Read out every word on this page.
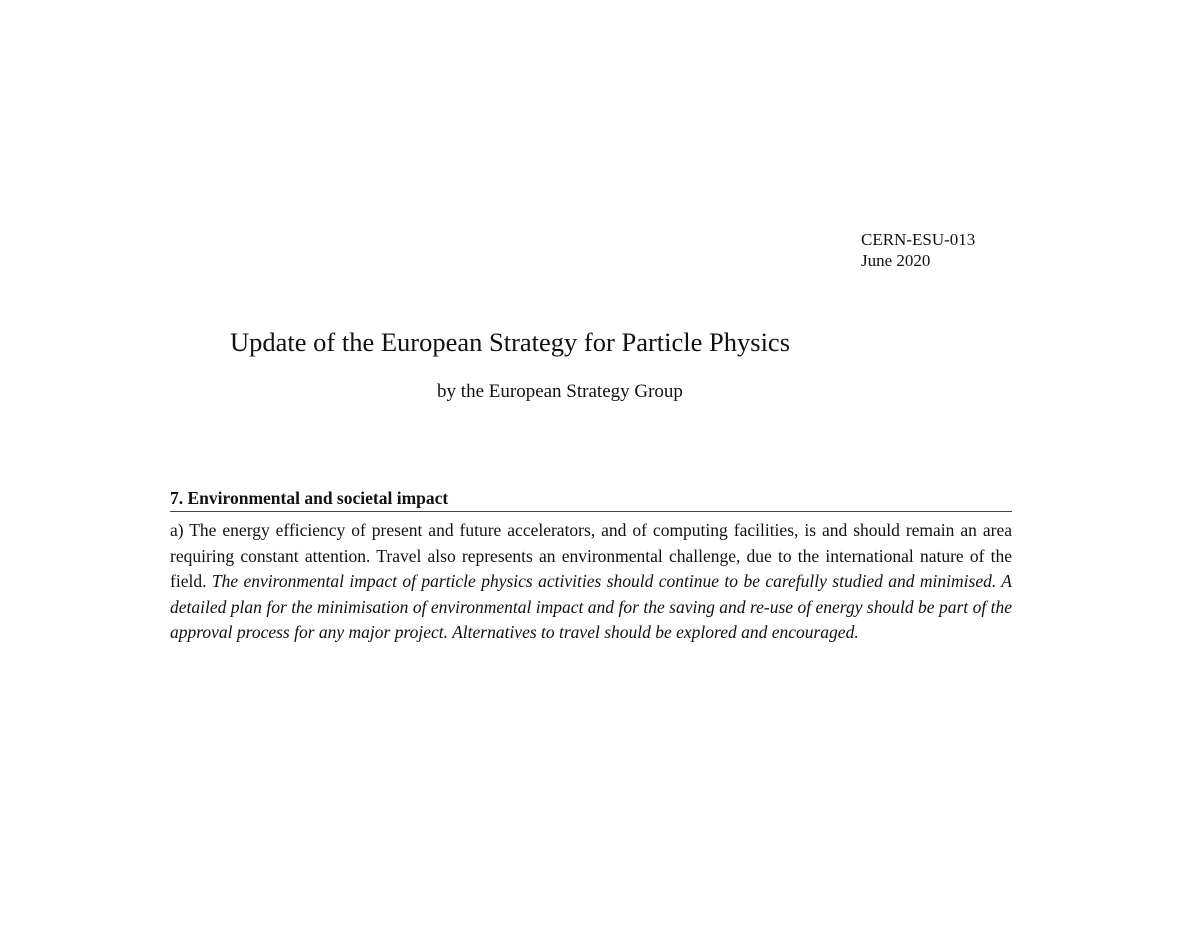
CERN-ESU-013
June 2020
Update of the European Strategy for Particle Physics
by the European Strategy Group
7. Environmental and societal impact

a) The energy efficiency of present and future accelerators, and of computing facilities, is and should remain an area requiring constant attention. Travel also represents an environmental challenge, due to the international nature of the field. The environmental impact of particle physics activities should continue to be carefully studied and minimised. A detailed plan for the minimisation of environmental impact and for the saving and re-use of energy should be part of the approval process for any major project. Alternatives to travel should be explored and encouraged.
